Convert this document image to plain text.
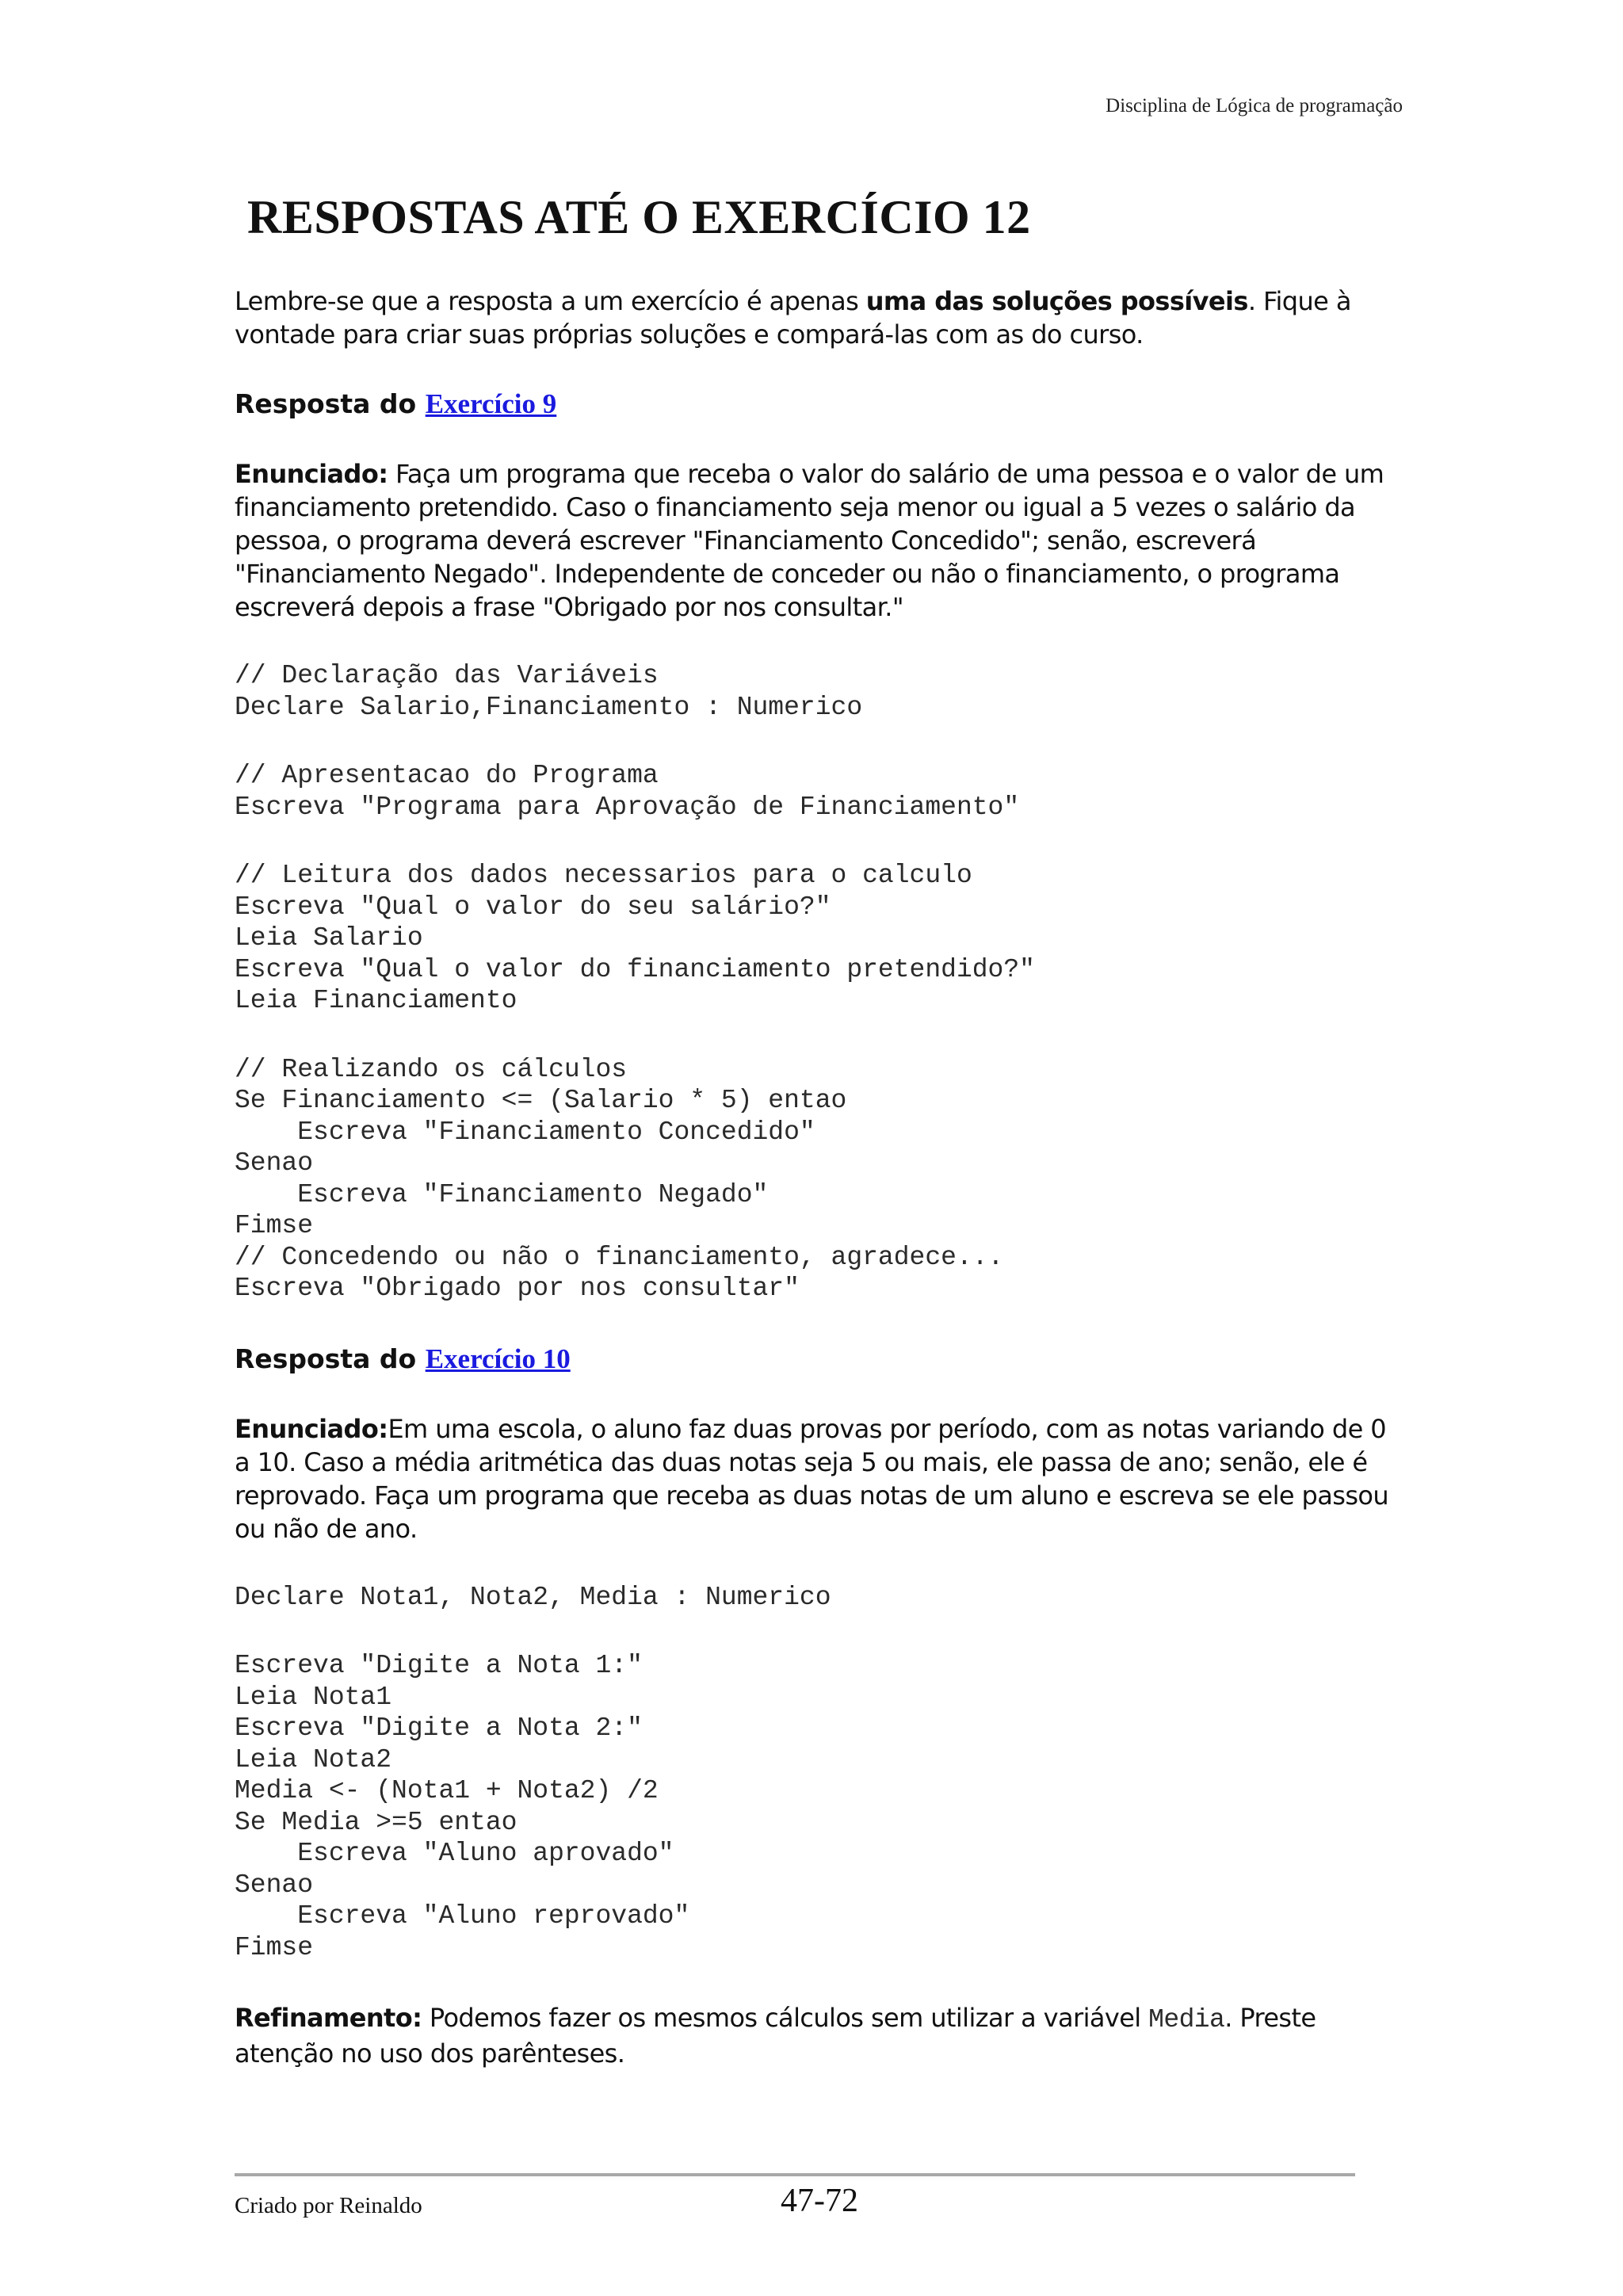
Disciplina de Lógica de programação
RESPOSTAS ATÉ O EXERCÍCIO 12

Lembre-se que a resposta a um exercício é apenas uma das soluções possíveis. Fique à vontade para criar suas próprias soluções e compará-las com as do curso.

Resposta do Exercício 9

Enunciado: Faça um programa que receba o valor do salário de uma pessoa e o valor de um financiamento pretendido. Caso o financiamento seja menor ou igual a 5 vezes o salário da pessoa, o programa deverá escrever "Financiamento Concedido"; senão, escreverá "Financiamento Negado". Independente de conceder ou não o financiamento, o programa escreverá depois a frase "Obrigado por nos consultar."

// Declaração das Variáveis
Declare Salario,Financiamento : Numerico
// Apresentacao do Programa
Escreva "Programa para Aprovação de Financiamento"
// Leitura dos dados necessarios para o calculo
Escreva "Qual o valor do seu salário?"
Leia Salario
Escreva "Qual o valor do financiamento pretendido?"
Leia Financiamento
// Realizando os cálculos
Se Financiamento <= (Salario * 5) entao
Escreva "Financiamento Concedido"
Senao
Escreva "Financiamento Negado"
Fimse
// Concedendo ou não o financiamento, agradece...
Escreva "Obrigado por nos consultar"
Resposta do Exercício 10

Enunciado:Em uma escola, o aluno faz duas provas por período, com as notas variando de 0 a 10. Caso a média aritmética das duas notas seja 5 ou mais, ele passa de ano; senão, ele é reprovado. Faça um programa que receba as duas notas de um aluno e escreva se ele passou ou não de ano.

Declare Nota1, Nota2, Media : Numerico
Escreva "Digite a Nota 1:"
Leia Nota1
Escreva "Digite a Nota 2:"
Leia Nota2
Media <- (Nota1 + Nota2) /2
Se Media >=5 entao
Escreva "Aluno aprovado"
Senao
Escreva "Aluno reprovado"
Fimse

Refinamento: Podemos fazer os mesmos cálculos sem utilizar a variável Media. Preste atenção no uso dos parênteses.

Criado por Reinaldo	47-72
